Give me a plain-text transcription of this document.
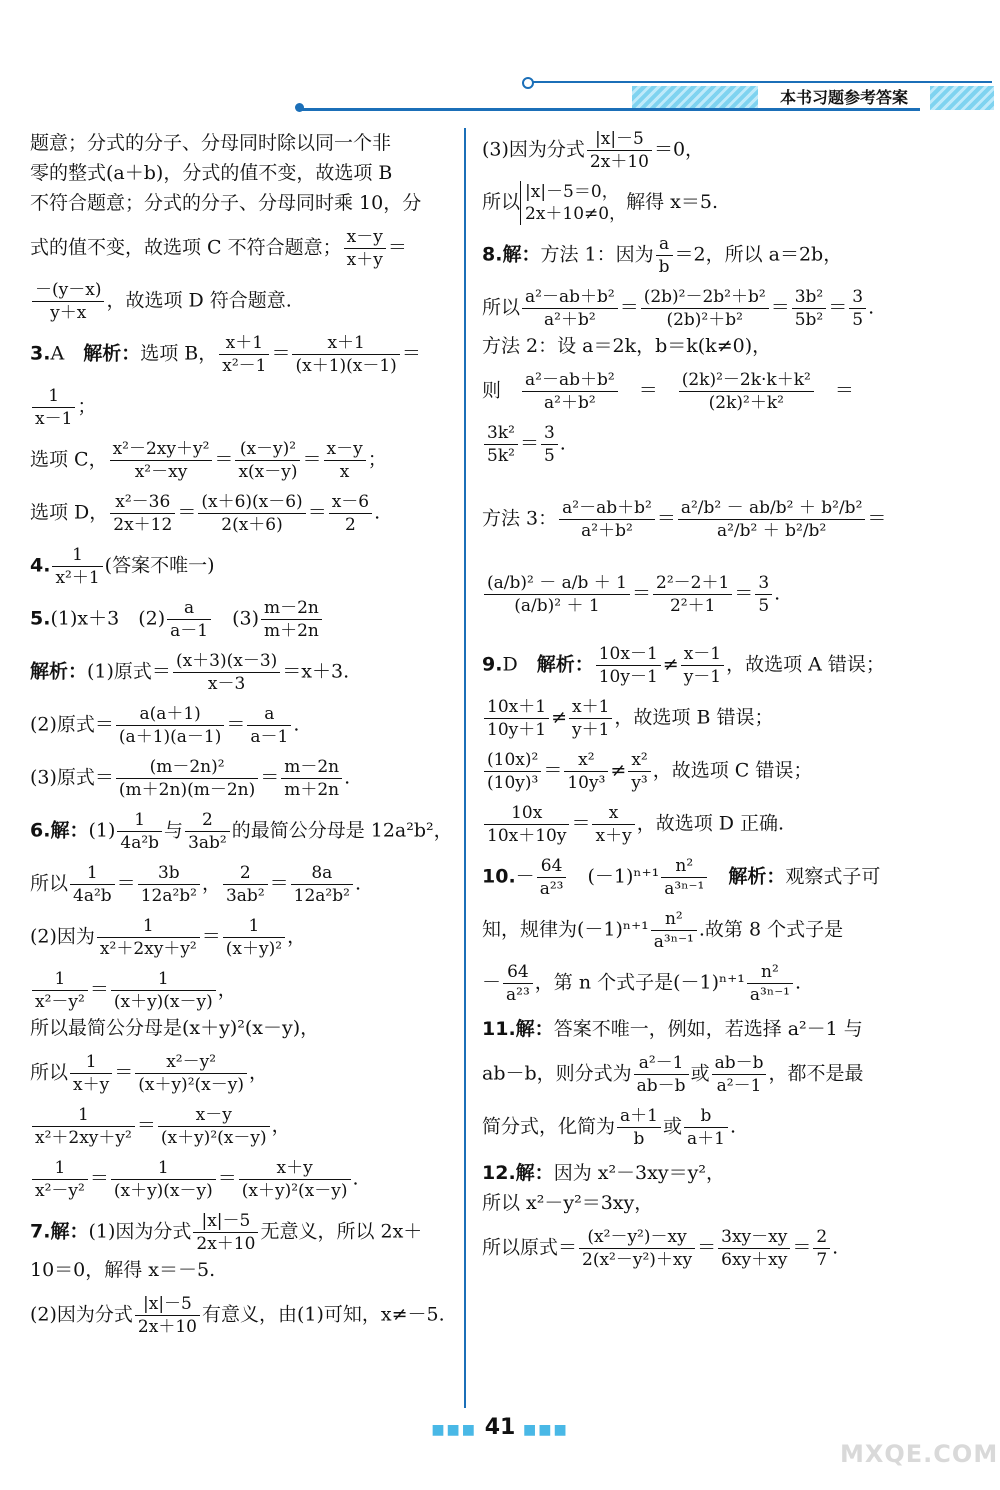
本书习题参考答案
题意；分式的分子、分母同时除以同一个非
零的整式(a＋b)，分式的值不变，故选项 B
不符合题意；分式的分子、分母同时乘 10，分
式的值不变，故选项 C 不符合题意； $\frac{x-y}{x+y}$ ＝
$\frac{-(y-x)}{y+x}$ ，故选项 D 符合题意.
3.A　 解析：选项 B， $\frac{x+1}{\text{x²－1}} = \frac{x+1}{(x+1)(x-1)}$ ＝
$\frac{1}{x-1}$ ；
选项 C， $\frac{\text{x²－2xy＋y²}}{\text{x²－xy}} = \frac{\text{(x－y)²}}{x(x-y)} = \frac{x-y}{x}$ ；
选项 D， $\frac{\text{x²－36}}{2x+12} = \frac{(x+6)(x-6)}{2(x+6)} = \frac{x-6}{2}$ .
4. $\frac{1}{\text{x²＋1}}$ (答案不唯一)
5.(1)x＋3　 $(2) \frac{a}{a-1}$
　 $(3) \frac{m-2n}{m+2n}$
解析：(1)原式＝ $\frac{(x+3)(x-3)}{x-3} =x+3$.
(2)原式＝ $\frac{a(a+1)}{(a+1)(a-1)} = \frac{a}{a-1}$ .
(3)原式＝ $\frac{\text{(m－2n)²}}{(m+2n)(m-2n)} = \frac{m-2n}{m+2n}$ .
6.解：$(1) \frac{1}{\text{4a²b}}$ 与 $\frac{2}{\text{3ab²}}$ 的最简公分母是 12a²b²，
所以 $\frac{1}{\text{4a²b}} = \frac{3b}{\text{12a²b²}}$ ， $\frac{2}{\text{3ab²}} = \frac{8a}{\text{12a²b²}}$ .
(2)因为 $\frac{1}{\text{x²＋2xy＋y²}} = \frac{1}{\text{(x＋y)²}}$ ，
$\frac{1}{\text{x²－y²}} = \frac{1}{(x+y)(x-y)}$ ，
所以最简公分母是(x＋y)²(x－y)，
所以 $\frac{1}{x+y} = \frac{\text{x²－y²}}{\text{(x＋y)²(x－y)}}$ ，
$\frac{1}{\text{x²＋2xy＋y²}} = \frac{x-y}{\text{(x＋y)²(x－y)}}$ ，
$\frac{1}{\text{x²－y²}} = \frac{1}{(x+y)(x-y)} = \frac{x+y}{\text{(x＋y)²(x－y)}}$ .
7.解：(1)因为分式 $\frac{|x|-5}{2x+10}$ 无意义，所以 2x＋
10＝0，解得 x＝－5.
(2)因为分式 $\frac{|x|-5}{2x+10}$ 有意义，由(1)可知，x≠－5.
(3)因为分式 $\frac{|x|-5}{2x+10} =0$，
所以 |x|－5＝0，
2x＋10≠0，
解得 x＝5.
8.解：方法 1：因为 $\frac{a}{b} =2$，所以 a＝2b，
所以 $\frac{\text{a²－ab＋b²}}{\text{a²＋b²}} = \frac{\text{(2b)²－2b²＋b²}}{\text{(2b)²＋b²}} = \frac{\text{3b²}}{\text{5b²}} = \frac{3}{5}$ .
方法 2：设 a＝2k，b＝k(k≠0)，
则　 $\frac{\text{a²－ab＋b²}}{\text{a²＋b²}}$ 　＝　 $\frac{\text{(2k)²－2k·k＋k²}}{\text{(2k)²＋k²}}$ 　＝
$\frac{\text{3k²}}{\text{5k²}} = \frac{3}{5}$ .
方法 3： $\frac{\text{a²－ab＋b²}}{\text{a²＋b²}} = \frac{\text{a²/b² － ab/b² ＋ b²/b²}}{\text{a²/b² ＋ b²/b²}}$ ＝
$\frac{\text{(a/b)² － a/b ＋ 1}}{\text{(a/b)² ＋ 1}} = \frac{\text{2²－2＋1}}{\text{2²＋1}} = \frac{3}{5}$ .
9.D　 解析： $\frac{10x-1}{10y-1} \ne \frac{x-1}{y-1}$ ，故选项 A 错误；
$\frac{10x+1}{10y+1} \ne \frac{x+1}{y+1}$ ，故选项 B 错误；
$\frac{\text{(10x)²}}{\text{(10y)³}} = \frac{\text{x²}}{\text{10y³}} \ne \frac{\text{x²}}{\text{y³}}$ ，故选项 C 错误；
$\frac{10x}{10x+10y} = \frac{x}{x+y}$ ，故选项 D 正确.
$10.- \frac{64}{\text{a²³}}$
　 $(-1)^{n+1} \frac{\text{n²}}{\text{a³ⁿ⁻¹}}$
　 解析：观察式子可
知，规律为$(-1)^{n+1} \frac{\text{n²}}{\text{a³ⁿ⁻¹}}$ .故第 8 个式子是
－ $\frac{64}{\text{a²³}}$ ，第 n 个式子是$(-1)^{n+1} \frac{\text{n²}}{\text{a³ⁿ⁻¹}}$ .
11.解：答案不唯一，例如，若选择 a²－1 与
ab－b，则分式为 $\frac{\text{a²－1}}{ab-b}$ 或 $\frac{ab-b}{\text{a²－1}}$ ，都不是最
简分式，化简为 $\frac{a+1}{b}$ 或 $\frac{b}{a+1}$ .
12.解：因为 x²－3xy＝y²，
所以 x²－y²＝3xy，
所以原式＝ $\frac{\text{(x²－y²)－xy}}{\text{2(x²－y²)＋xy}} = \frac{3xy-xy}{6xy+xy} = \frac{2}{7}$ .
■■■ 41 ■■■
MXQE.COM
